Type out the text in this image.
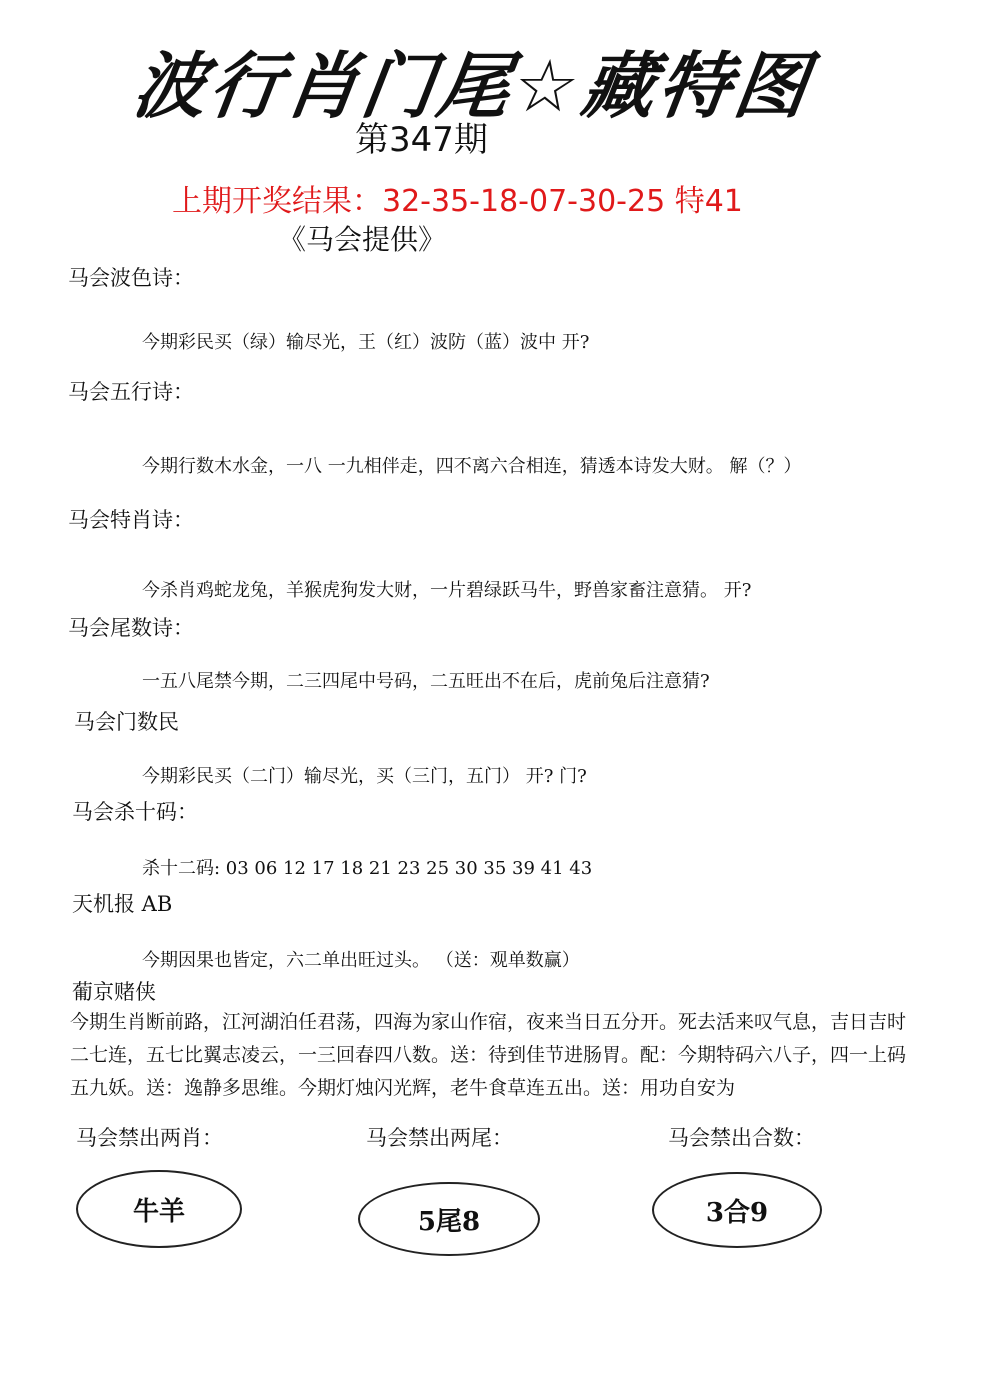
波行肖门尾☆藏特图
第347期
上期开奖结果：32-35-18-07-30-25 特41
《马会提供》
马会波色诗：
今期彩民买（绿）输尽光，王（红）波防（蓝）波中 开?
马会五行诗：
今期行数木水金，一八 一九相伴走，四不离六合相连，猜透本诗发大财。 解（？）
马会特肖诗：
今杀肖鸡蛇龙兔，羊猴虎狗发大财，一片碧绿跃马牛，野兽家畜注意猜。 开?
马会尾数诗：
一五八尾禁今期，二三四尾中号码，二五旺出不在后，虎前兔后注意猜?
马会门数民
今期彩民买（二门）输尽光，买（三门，五门） 开? 门?
马会杀十码：
杀十二码: 03 06 12 17 18 21 23 25 30 35 39 41 43
天机报 AB
今期因果也皆定，六二单出旺过头。 （送：观单数赢）
葡京赌侠
今期生肖断前路，江河湖泊任君荡，四海为家山作宿，夜来当日五分开。死去活来叹气息，吉日吉时二七连，五七比翼志凌云，一三回春四八数。送：待到佳节进肠胃。配：今期特码六八子，四一上码五九妖。送：逸静多思维。今期灯烛闪光辉，老牛食草连五出。送：用功自安为
马会禁出两肖：	马会禁出两尾：	马会禁出合数：
牛羊	5尾8	3合9
